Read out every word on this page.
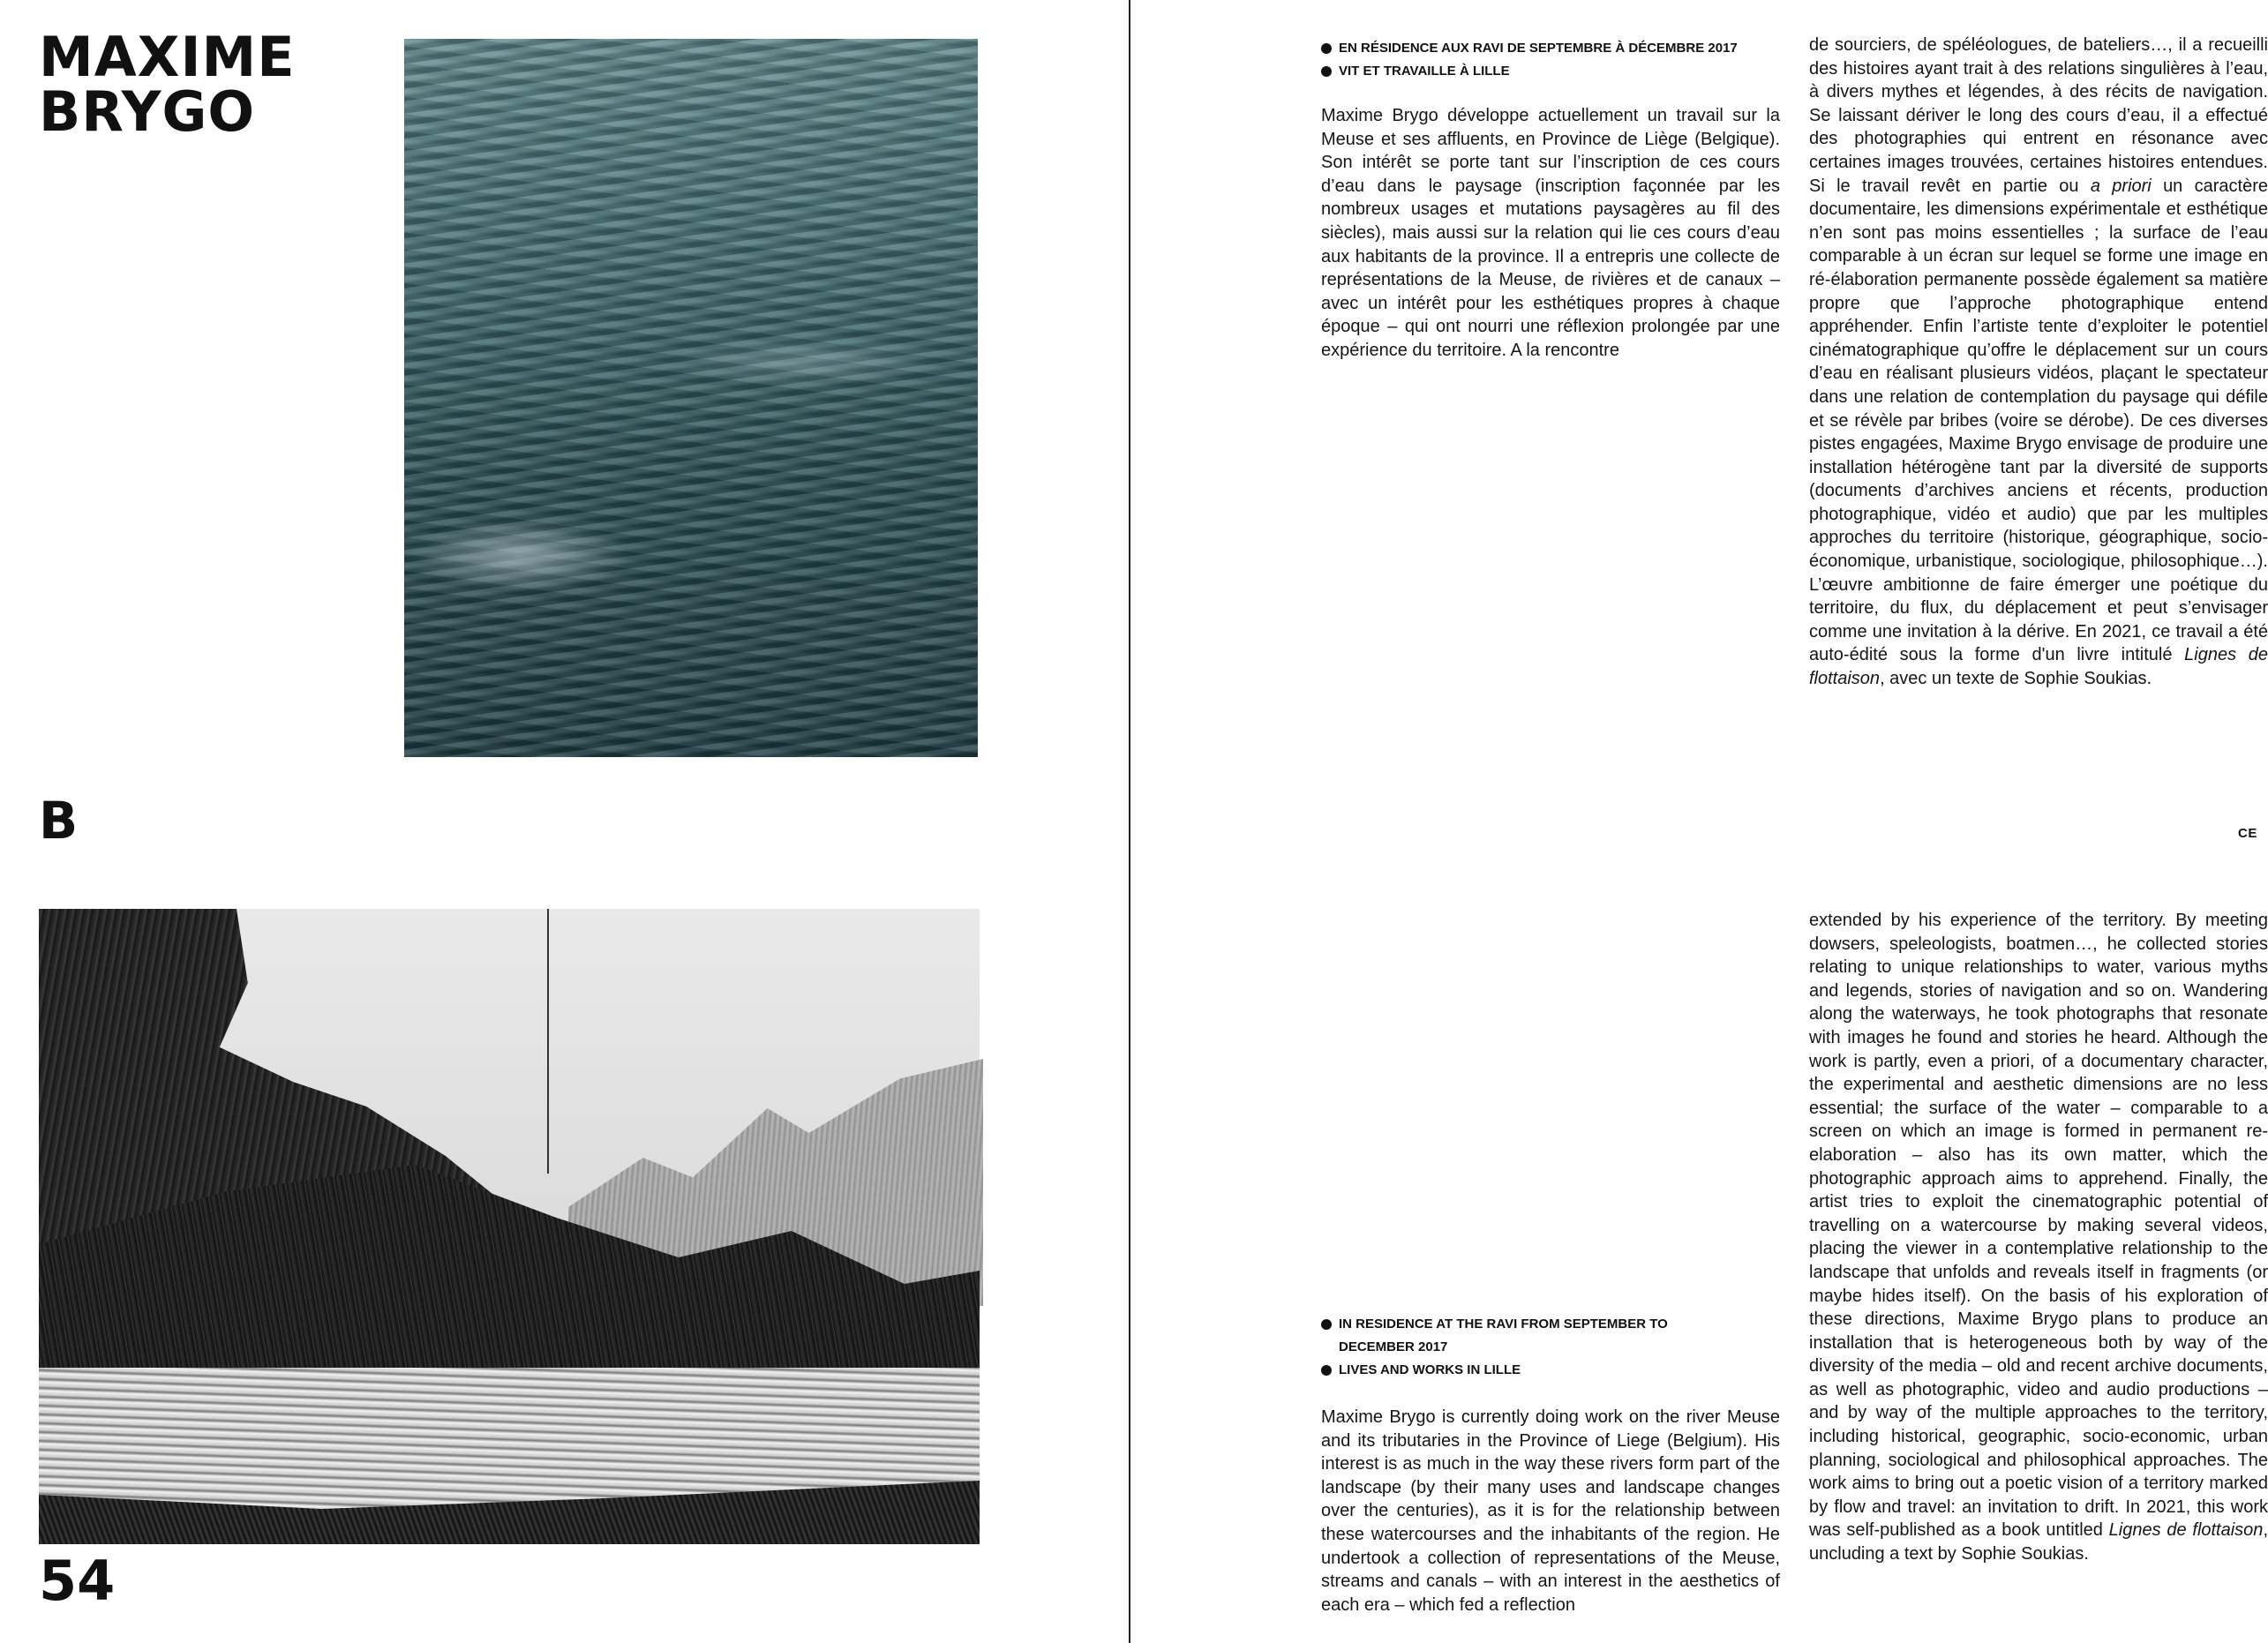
MAXIME
BRYGO
B
54
EN RÉSIDENCE AUX RAVI DE SEPTEMBRE À DÉCEMBRE 2017
VIT ET TRAVAILLE À LILLE

Maxime Brygo développe actuellement un travail sur la Meuse et ses affluents, en Province de Liège (Belgique). Son intérêt se porte tant sur l’inscription de ces cours d’eau dans le paysage (inscription façonnée par les nombreux usages et mutations paysagères au fil des siècles), mais aussi sur la relation qui lie ces cours d’eau aux habitants de la province. Il a entrepris une collecte de représentations de la Meuse, de rivières et de canaux – avec un intérêt pour les esthétiques propres à chaque époque – qui ont nourri une réflexion prolongée par une expérience du territoire. A la rencontre

de sourciers, de spéléologues, de bateliers…, il a recueilli des histoires ayant trait à des relations singulières à l’eau, à divers mythes et légendes, à des récits de navigation. Se laissant dériver le long des cours d’eau, il a effectué des photographies qui entrent en résonance avec certaines images trouvées, certaines histoires entendues. Si le travail revêt en partie ou a priori un caractère documentaire, les dimensions expérimentale et esthétique n’en sont pas moins essentielles ; la surface de l’eau comparable à un écran sur lequel se forme une image en ré-élaboration permanente possède également sa matière propre que l’approche photographique entend appréhender. Enfin l’artiste tente d’exploiter le potentiel cinématographique qu’offre le déplacement sur un cours d’eau en réalisant plusieurs vidéos, plaçant le spectateur dans une relation de contemplation du paysage qui défile et se révèle par bribes (voire se dérobe). De ces diverses pistes engagées, Maxime Brygo envisage de produire une installation hétérogène tant par la diversité de supports (documents d’archives anciens et récents, production photographique, vidéo et audio) que par les multiples approches du territoire (historique, géographique, socio-économique, urbanistique, sociologique, philosophique…). L’œuvre ambitionne de faire émerger une poétique du territoire, du flux, du déplacement et peut s’envisager comme une invitation à la dérive. En 2021, ce travail a été auto-édité sous la forme d'un livre intitulé Lignes de flottaison, avec un texte de Sophie Soukias.

CE
IN RESIDENCE AT THE RAVI FROM SEPTEMBER TO
DECEMBER 2017
LIVES AND WORKS IN LILLE

Maxime Brygo is currently doing work on the river Meuse and its tributaries in the Province of Liege (Belgium). His interest is as much in the way these rivers form part of the landscape (by their many uses and landscape changes over the centuries), as it is for the relationship between these watercourses and the inhabitants of the region. He undertook a collection of representations of the Meuse, streams and canals – with an interest in the aesthetics of each era – which fed a reflection

extended by his experience of the territory. By meeting dowsers, speleologists, boatmen…, he collected stories relating to unique relationships to water, various myths and legends, stories of navigation and so on. Wandering along the waterways, he took photographs that resonate with images he found and stories he heard. Although the work is partly, even a priori, of a documentary character, the experimental and aesthetic dimensions are no less essential; the surface of the water – comparable to a screen on which an image is formed in permanent re-elaboration – also has its own matter, which the photographic approach aims to apprehend. Finally, the artist tries to exploit the cinematographic potential of travelling on a watercourse by making several videos, placing the viewer in a contemplative relationship to the landscape that unfolds and reveals itself in fragments (or maybe hides itself). On the basis of his exploration of these directions, Maxime Brygo plans to produce an installation that is heterogeneous both by way of the diversity of the media – old and recent archive documents, as well as photographic, video and audio productions – and by way of the multiple approaches to the territory, including historical, geographic, socio-economic, urban planning, sociological and philosophical approaches. The work aims to bring out a poetic vision of a territory marked by flow and travel: an invitation to drift. In 2021, this work was self-published as a book untitled Lignes de flottaison, uncluding a text by Sophie Soukias.
